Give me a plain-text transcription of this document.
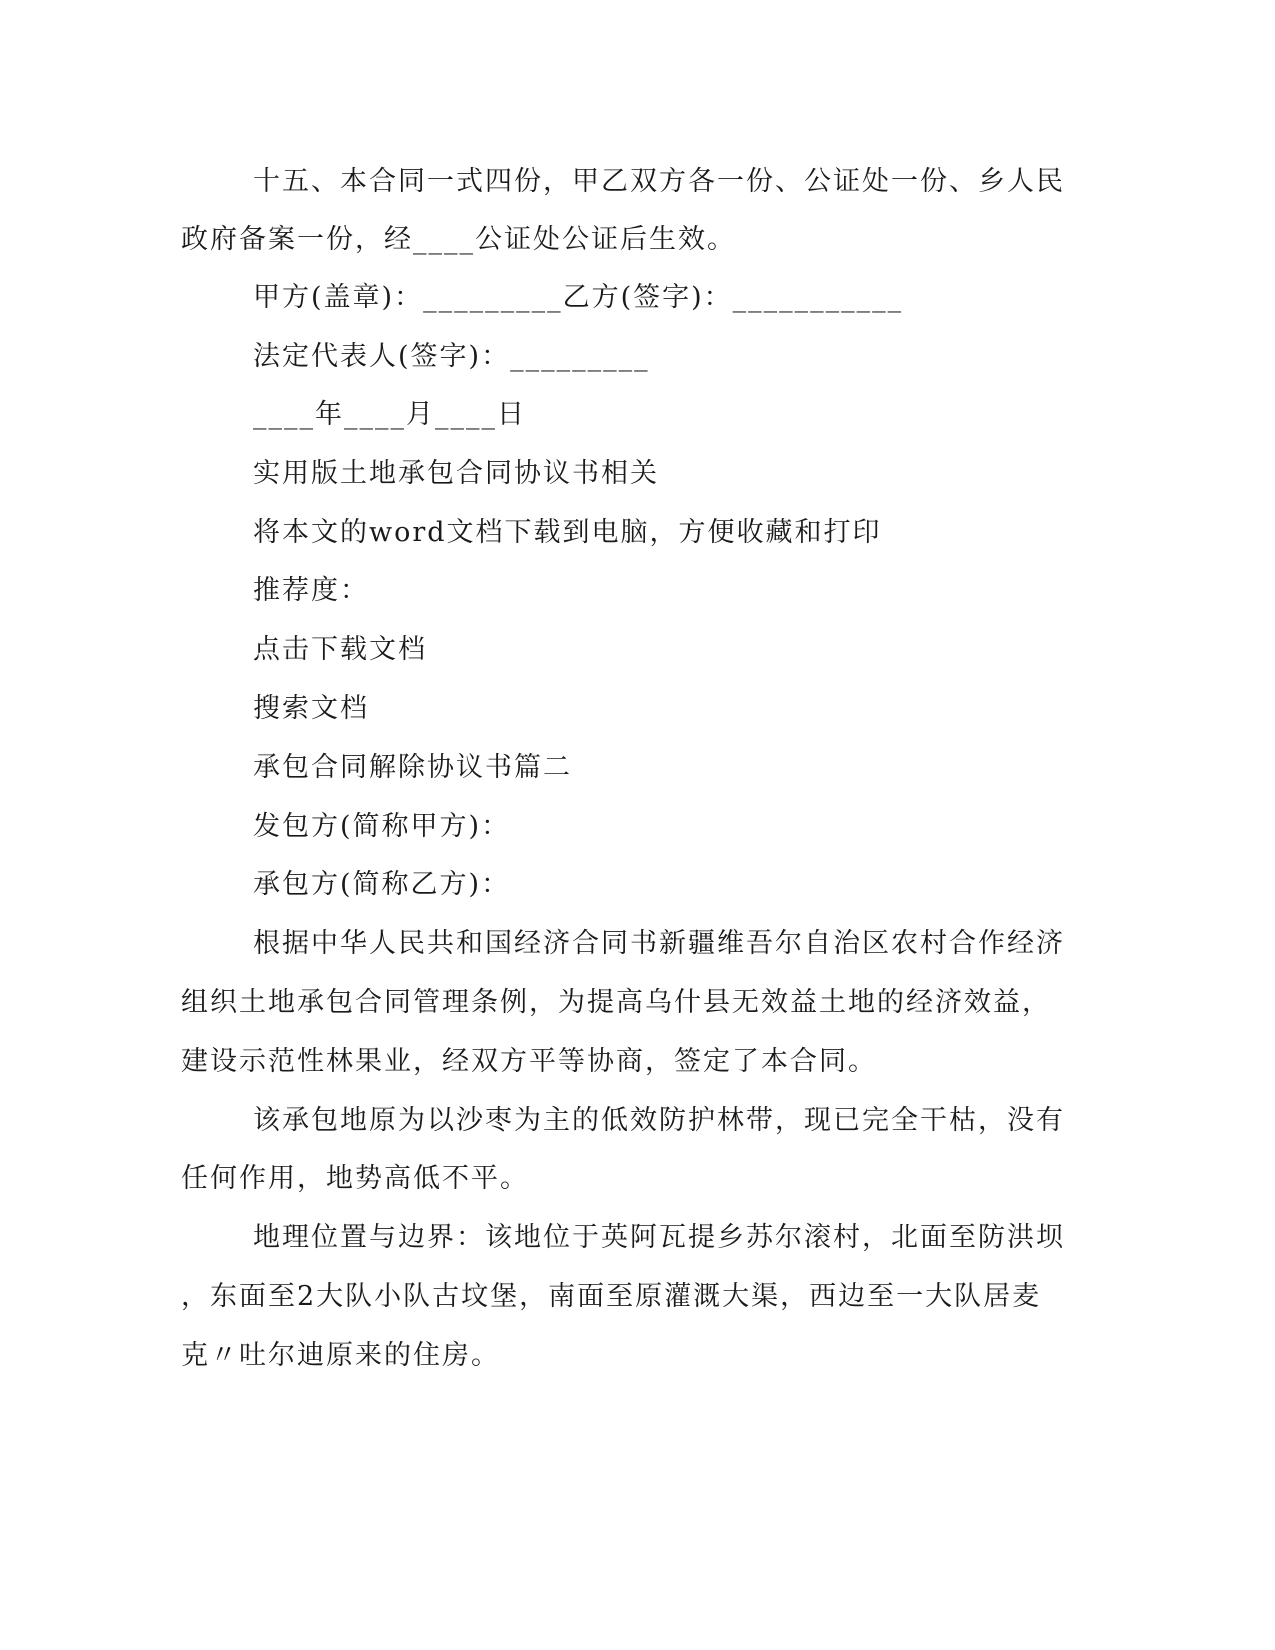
十五、本合同一式四份，甲乙双方各一份、公证处一份、乡人民
政府备案一份，经____公证处公证后生效。
甲方(盖章)：_________乙方(签字)：___________
法定代表人(签字)：_________
____年____月____日
实用版土地承包合同协议书相关
将本文的word文档下载到电脑，方便收藏和打印
推荐度：
点击下载文档
搜索文档
承包合同解除协议书篇二
发包方(简称甲方)：
承包方(简称乙方)：
根据中华人民共和国经济合同书新疆维吾尔自治区农村合作经济
组织土地承包合同管理条例，为提高乌什县无效益土地的经济效益，
建设示范性林果业，经双方平等协商，签定了本合同。
该承包地原为以沙枣为主的低效防护林带，现已完全干枯，没有
任何作用，地势高低不平。
地理位置与边界：该地位于英阿瓦提乡苏尔滚村，北面至防洪坝
，东面至2大队小队古坟堡，南面至原灌溉大渠，西边至一大队居麦
克〃吐尔迪原来的住房。
